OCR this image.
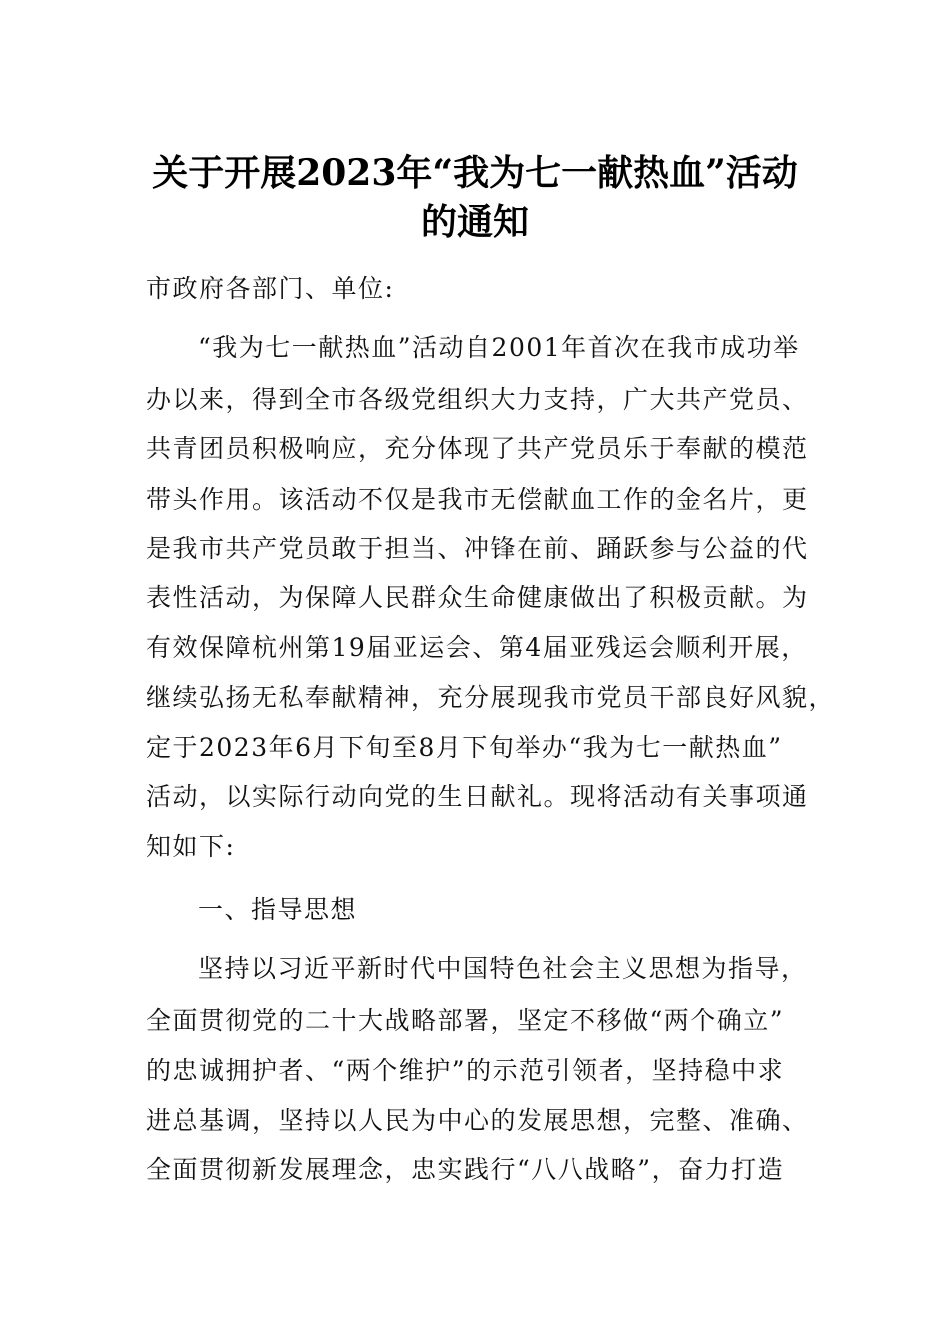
关于开展2023年“我为七一献热血”活动
的通知
市政府各部门、单位:
“我为七一献热血”活动自2001年首次在我市成功举
办以来，得到全市各级党组织大力支持，广大共产党员、
共青团员积极响应，充分体现了共产党员乐于奉献的模范
带头作用。该活动不仅是我市无偿献血工作的金名片，更
是我市共产党员敢于担当、冲锋在前、踊跃参与公益的代
表性活动，为保障人民群众生命健康做出了积极贡献。为
有效保障杭州第19届亚运会、第4届亚残运会顺利开展，
继续弘扬无私奉献精神，充分展现我市党员干部良好风貌，
定于2023年6月下旬至8月下旬举办“我为七一献热血”
活动，以实际行动向党的生日献礼。现将活动有关事项通
知如下:
一、指导思想
坚持以习近平新时代中国特色社会主义思想为指导，
全面贯彻党的二十大战略部署，坚定不移做“两个确立”
的忠诚拥护者、“两个维护”的示范引领者，坚持稳中求
进总基调，坚持以人民为中心的发展思想，完整、准确、
全面贯彻新发展理念，忠实践行“八八战略”，奋力打造
